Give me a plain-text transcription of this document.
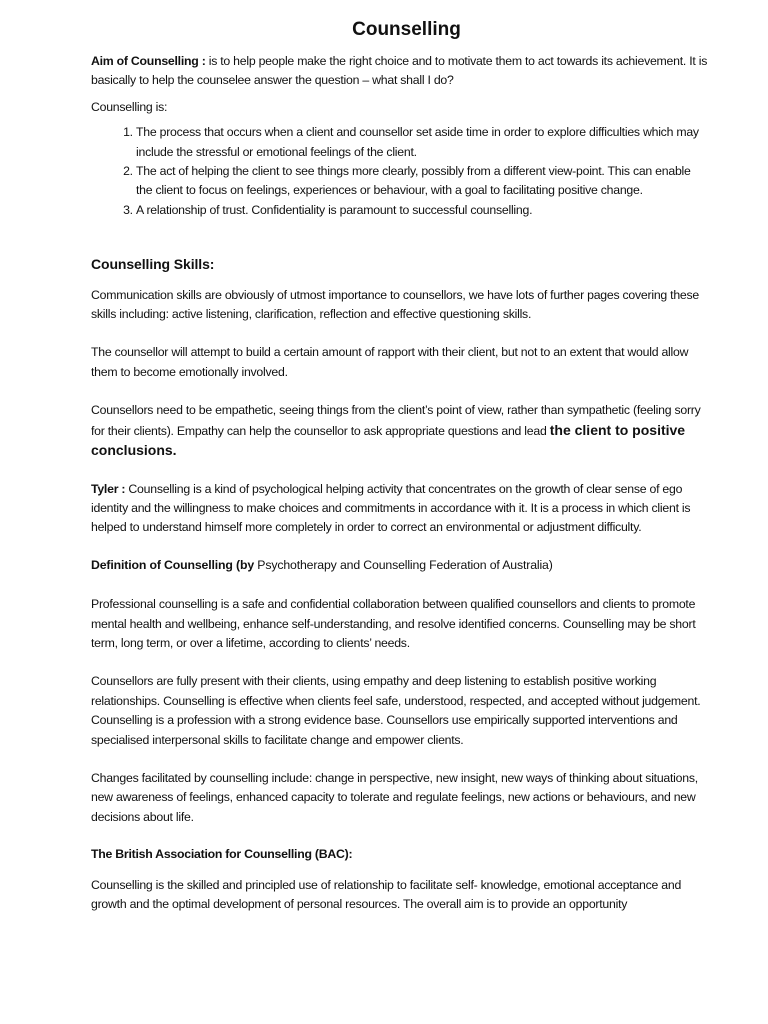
Counselling

Aim of Counselling : is to help people make the right choice and to motivate them to act towards its achievement. It is basically to help the counselee answer the question – what shall I do?

Counselling is:

1. The process that occurs when a client and counsellor set aside time in order to explore difficulties which may include the stressful or emotional feelings of the client.
2. The act of helping the client to see things more clearly, possibly from a different view-point. This can enable the client to focus on feelings, experiences or behaviour, with a goal to facilitating positive change.
3. A relationship of trust. Confidentiality is paramount to successful counselling.
Counselling Skills:

Communication skills are obviously of utmost importance to counsellors, we have lots of further pages covering these skills including: active listening, clarification, reflection and effective questioning skills.

The counsellor will attempt to build a certain amount of rapport with their client, but not to an extent that would allow them to become emotionally involved.

Counsellors need to be empathetic, seeing things from the client’s point of view, rather than sympathetic (feeling sorry for their clients). Empathy can help the counsellor to ask appropriate questions and lead the client to positive conclusions.

Tyler : Counselling is a kind of psychological helping activity that concentrates on the growth of clear sense of ego identity and the willingness to make choices and commitments in accordance with it. It is a process in which client is helped to understand himself more completely in order to correct an environmental or adjustment difficulty.

Definition of Counselling (by Psychotherapy and Counselling Federation of Australia)

Professional counselling is a safe and confidential collaboration between qualified counsellors and clients to promote mental health and wellbeing, enhance self-understanding, and resolve identified concerns. Counselling may be short term, long term, or over a lifetime, according to clients’ needs.

Counsellors are fully present with their clients, using empathy and deep listening to establish positive working relationships. Counselling is effective when clients feel safe, understood, respected, and accepted without judgement. Counselling is a profession with a strong evidence base. Counsellors use empirically supported interventions and specialised interpersonal skills to facilitate change and empower clients.

Changes facilitated by counselling include: change in perspective, new insight, new ways of thinking about situations, new awareness of feelings, enhanced capacity to tolerate and regulate feelings, new actions or behaviours, and new decisions about life.

The British Association for Counselling (BAC):

Counselling is the skilled and principled use of relationship to facilitate self- knowledge, emotional acceptance and growth and the optimal development of personal resources. The overall aim is to provide an opportunity
